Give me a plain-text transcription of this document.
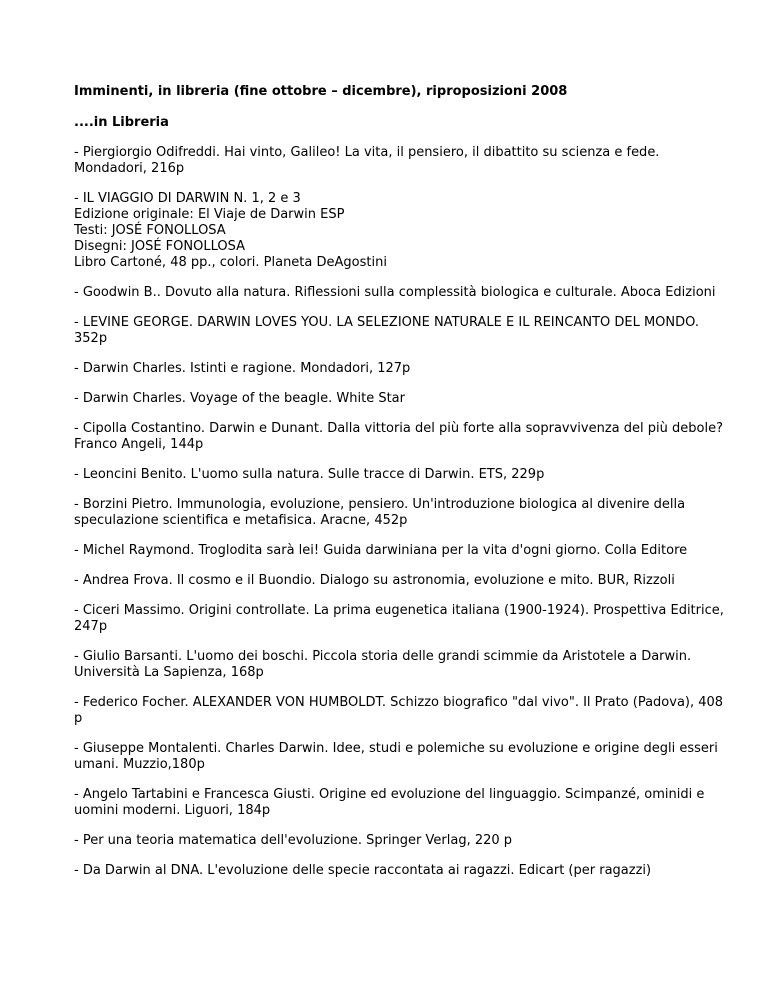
Imminenti, in libreria (fine ottobre – dicembre), riproposizioni 2008

....in Libreria

- Piergiorgio Odifreddi. Hai vinto, Galileo! La vita, il pensiero, il dibattito su scienza e fede. Mondadori, 216p

- IL VIAGGIO DI DARWIN N. 1, 2 e 3
Edizione originale: El Viaje de Darwin ESP
Testi: JOSÉ FONOLLOSA
Disegni: JOSÉ FONOLLOSA
Libro Cartoné, 48 pp., colori. Planeta DeAgostini

- Goodwin B.. Dovuto alla natura. Riflessioni sulla complessità biologica e culturale. Aboca Edizioni

- LEVINE GEORGE. DARWIN LOVES YOU. LA SELEZIONE NATURALE E IL REINCANTO DEL MONDO. 352p

- Darwin Charles. Istinti e ragione. Mondadori, 127p

- Darwin Charles. Voyage of the beagle. White Star

- Cipolla Costantino. Darwin e Dunant. Dalla vittoria del più forte alla sopravvivenza del più debole? Franco Angeli, 144p

- Leoncini Benito. L'uomo sulla natura. Sulle tracce di Darwin. ETS, 229p

- Borzini Pietro. Immunologia, evoluzione, pensiero. Un'introduzione biologica al divenire della speculazione scientifica e metafisica. Aracne, 452p

- Michel Raymond. Troglodita sarà lei! Guida darwiniana per la vita d'ogni giorno. Colla Editore

- Andrea Frova. Il cosmo e il Buondio. Dialogo su astronomia, evoluzione e mito. BUR, Rizzoli

- Ciceri Massimo. Origini controllate. La prima eugenetica italiana (1900-1924). Prospettiva Editrice, 247p

- Giulio Barsanti. L'uomo dei boschi. Piccola storia delle grandi scimmie da Aristotele a Darwin. Università La Sapienza, 168p

- Federico Focher. ALEXANDER VON HUMBOLDT. Schizzo biografico "dal vivo". Il Prato (Padova), 408 p

- Giuseppe Montalenti. Charles Darwin. Idee, studi e polemiche su evoluzione e origine degli esseri umani. Muzzio,180p

- Angelo Tartabini e Francesca Giusti. Origine ed evoluzione del linguaggio. Scimpanzé, ominidi e uomini moderni. Liguori, 184p

- Per una teoria matematica dell'evoluzione. Springer Verlag, 220 p

- Da Darwin al DNA. L'evoluzione delle specie raccontata ai ragazzi. Edicart (per ragazzi)
